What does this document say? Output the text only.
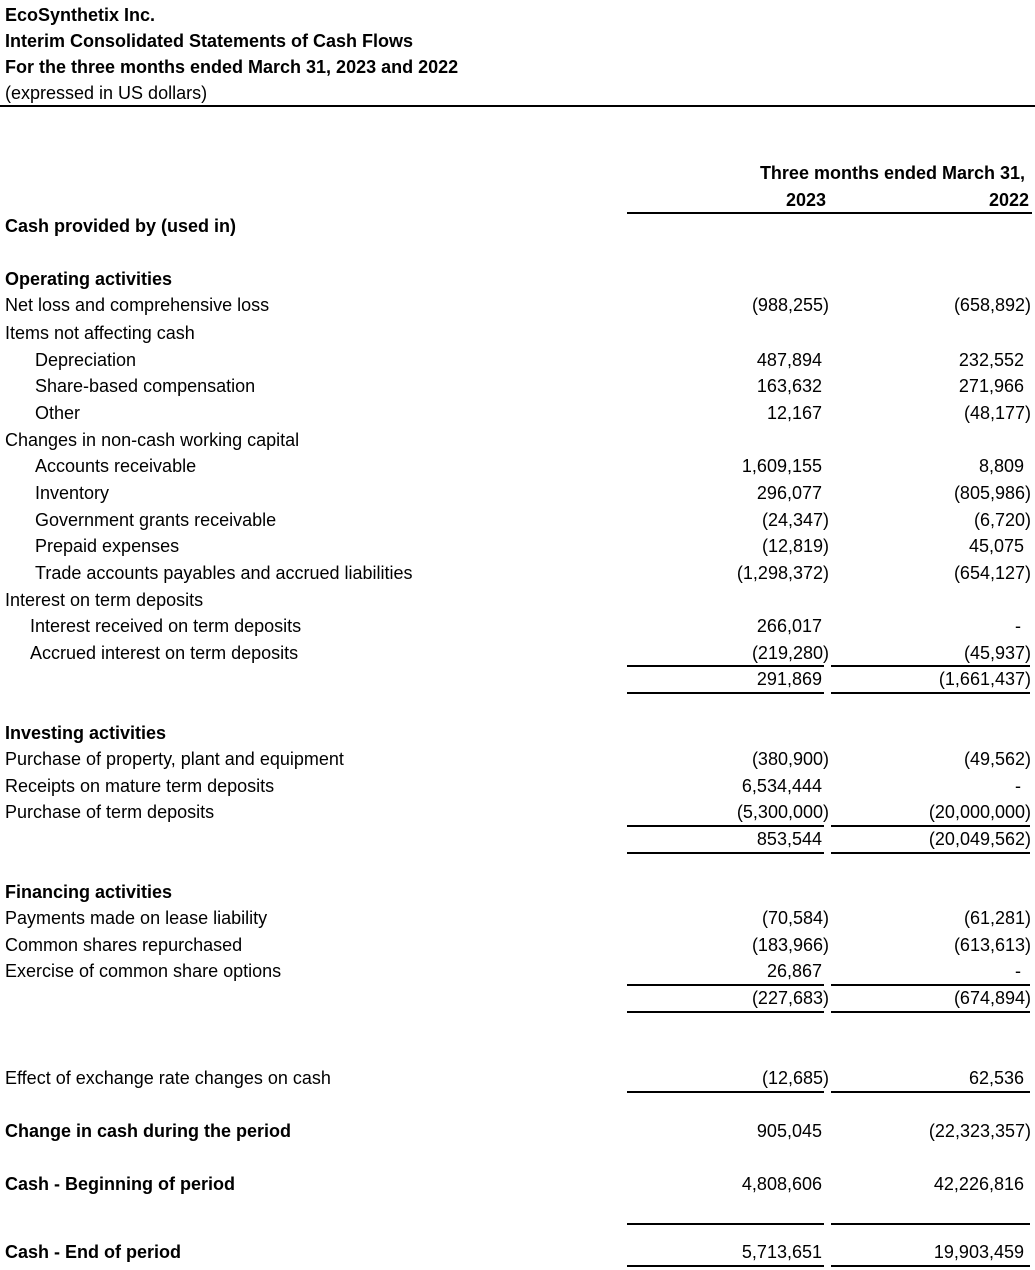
EcoSynthetix Inc.
Interim Consolidated Statements of Cash Flows
For the three months ended March 31, 2023 and 2022
(expressed in US dollars)
Three months ended March 31,
2023	2022
Cash provided by (used in)
Operating activities
Net loss and comprehensive loss	(988,255)	(658,892)
Items not affecting cash
Depreciation	487,894	232,552
Share-based compensation	163,632	271,966
Other	12,167	(48,177)
Changes in non-cash working capital
Accounts receivable	1,609,155	8,809
Inventory	296,077	(805,986)
Government grants receivable	(24,347)	(6,720)
Prepaid expenses	(12,819)	45,075
Trade accounts payables and accrued liabilities	(1,298,372)	(654,127)
Interest on term deposits
Interest received on term deposits	266,017	-
Accrued interest on term deposits	(219,280)	(45,937)
291,869	(1,661,437)
Investing activities
Purchase of property, plant and equipment	(380,900)	(49,562)
Receipts on mature term deposits	6,534,444	-
Purchase of term deposits	(5,300,000)	(20,000,000)
853,544	(20,049,562)
Financing activities
Payments made on lease liability	(70,584)	(61,281)
Common shares repurchased	(183,966)	(613,613)
Exercise of common share options	26,867	-
(227,683)	(674,894)
Effect of exchange rate changes on cash	(12,685)	62,536
Change in cash during the period	905,045	(22,323,357)
Cash - Beginning of period	4,808,606	42,226,816
Cash - End of period	5,713,651	19,903,459
